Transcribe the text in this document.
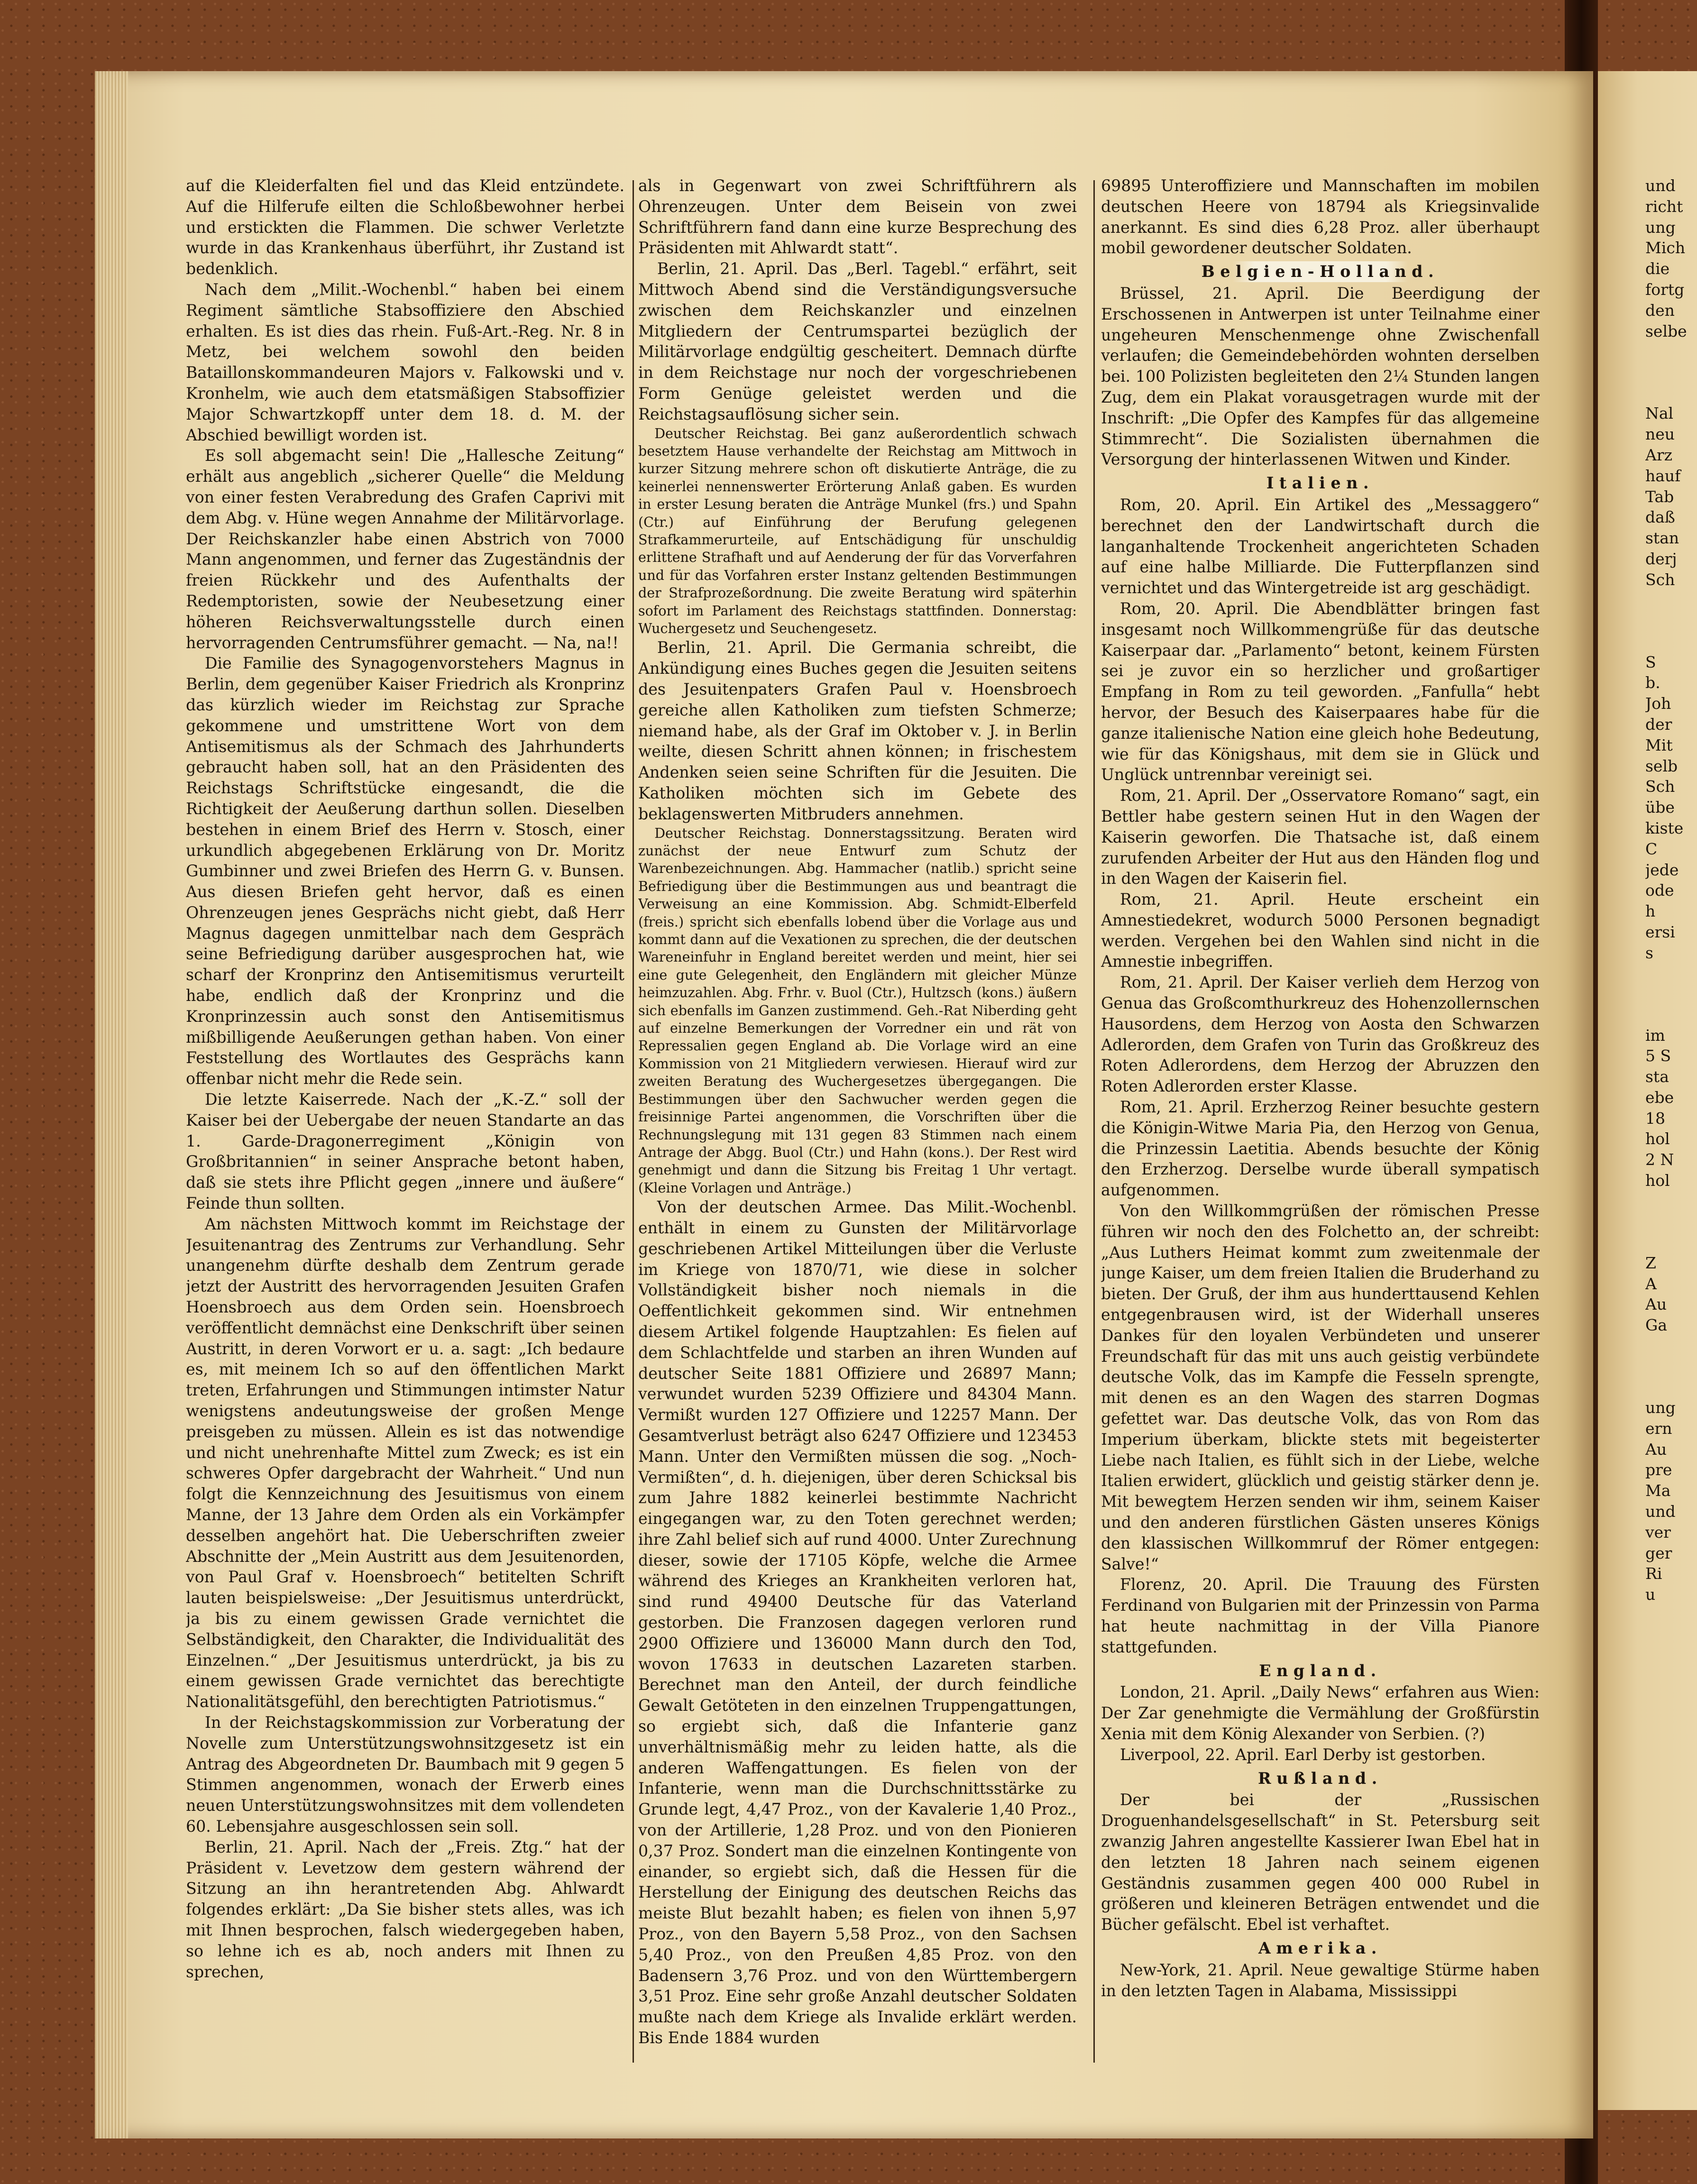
auf die Kleiderfalten fiel und das Kleid entzündete. Auf die Hilferufe eilten die Schloßbewohner herbei und erstickten die Flammen. Die schwer Verletzte wurde in das Krankenhaus überführt, ihr Zustand ist bedenklich.

Nach dem „Milit.-Wochenbl.“ haben bei einem Regiment sämtliche Stabsoffiziere den Abschied erhalten. Es ist dies das rhein. Fuß-Art.-Reg. Nr. 8 in Metz, bei welchem sowohl den beiden Bataillonskommandeuren Majors v. Falkowski und v. Kronhelm, wie auch dem etatsmäßigen Stabsoffizier Major Schwartzkopff unter dem 18. d. M. der Abschied bewilligt worden ist.

Es soll abgemacht sein! Die „Hallesche Zeitung“ erhält aus angeblich „sicherer Quelle“ die Meldung von einer festen Verabredung des Grafen Caprivi mit dem Abg. v. Hüne wegen Annahme der Militärvorlage. Der Reichskanzler habe einen Abstrich von 7000 Mann angenommen, und ferner das Zugeständnis der freien Rückkehr und des Aufenthalts der Redemptoristen, sowie der Neubesetzung einer höheren Reichsverwaltungsstelle durch einen hervorragenden Centrumsführer gemacht. — Na, na!!

Die Familie des Synagogenvorstehers Magnus in Berlin, dem gegenüber Kaiser Friedrich als Kronprinz das kürzlich wieder im Reichstag zur Sprache gekommene und umstrittene Wort von dem Antisemitismus als der Schmach des Jahrhunderts gebraucht haben soll, hat an den Präsidenten des Reichstags Schriftstücke eingesandt, die die Richtigkeit der Aeußerung darthun sollen. Dieselben bestehen in einem Brief des Herrn v. Stosch, einer urkundlich abgegebenen Erklärung von Dr. Moritz Gumbinner und zwei Briefen des Herrn G. v. Bunsen. Aus diesen Briefen geht hervor, daß es einen Ohrenzeugen jenes Gesprächs nicht giebt, daß Herr Magnus dagegen unmittelbar nach dem Gespräch seine Befriedigung darüber ausgesprochen hat, wie scharf der Kronprinz den Antisemitismus verurteilt habe, endlich daß der Kronprinz und die Kronprinzessin auch sonst den Antisemitismus mißbilligende Aeußerungen gethan haben. Von einer Feststellung des Wortlautes des Gesprächs kann offenbar nicht mehr die Rede sein.

Die letzte Kaiserrede. Nach der „K.-Z.“ soll der Kaiser bei der Uebergabe der neuen Standarte an das 1. Garde-Dragonerregiment „Königin von Großbritannien“ in seiner Ansprache betont haben, daß sie stets ihre Pflicht gegen „innere und äußere“ Feinde thun sollten.

Am nächsten Mittwoch kommt im Reichstage der Jesuitenantrag des Zentrums zur Verhandlung. Sehr unangenehm dürfte deshalb dem Zentrum gerade jetzt der Austritt des hervorragenden Jesuiten Grafen Hoensbroech aus dem Orden sein. Hoensbroech veröffentlicht demnächst eine Denkschrift über seinen Austritt, in deren Vorwort er u. a. sagt: „Ich bedaure es, mit meinem Ich so auf den öffentlichen Markt treten, Erfahrungen und Stimmungen intimster Natur wenigstens andeutungsweise der großen Menge preisgeben zu müssen. Allein es ist das notwendige und nicht unehrenhafte Mittel zum Zweck; es ist ein schweres Opfer dargebracht der Wahrheit.“ Und nun folgt die Kennzeichnung des Jesuitismus von einem Manne, der 13 Jahre dem Orden als ein Vorkämpfer desselben angehört hat. Die Ueberschriften zweier Abschnitte der „Mein Austritt aus dem Jesuitenorden, von Paul Graf v. Hoensbroech“ betitelten Schrift lauten beispielsweise: „Der Jesuitismus unterdrückt, ja bis zu einem gewissen Grade vernichtet die Selbständigkeit, den Charakter, die Individualität des Einzelnen.“ „Der Jesuitismus unterdrückt, ja bis zu einem gewissen Grade vernichtet das berechtigte Nationalitätsgefühl, den berechtigten Patriotismus.“

In der Reichstagskommission zur Vorberatung der Novelle zum Unterstützungswohnsitzgesetz ist ein Antrag des Abgeordneten Dr. Baumbach mit 9 gegen 5 Stimmen angenommen, wonach der Erwerb eines neuen Unterstützungswohnsitzes mit dem vollendeten 60. Lebensjahre ausgeschlossen sein soll.

Berlin, 21. April. Nach der „Freis. Ztg.“ hat der Präsident v. Levetzow dem gestern während der Sitzung an ihn herantretenden Abg. Ahlwardt folgendes erklärt: „Da Sie bisher stets alles, was ich mit Ihnen besprochen, falsch wiedergegeben haben, so lehne ich es ab, noch anders mit Ihnen zu sprechen,

als in Gegenwart von zwei Schriftführern als Ohrenzeugen. Unter dem Beisein von zwei Schriftführern fand dann eine kurze Besprechung des Präsidenten mit Ahlwardt statt“.

Berlin, 21. April. Das „Berl. Tagebl.“ erfährt, seit Mittwoch Abend sind die Verständigungsversuche zwischen dem Reichskanzler und einzelnen Mitgliedern der Centrumspartei bezüglich der Militärvorlage endgültig gescheitert. Demnach dürfte in dem Reichstage nur noch der vorgeschriebenen Form Genüge geleistet werden und die Reichstagsauflösung sicher sein.

Deutscher Reichstag. Bei ganz außerordentlich schwach besetztem Hause verhandelte der Reichstag am Mittwoch in kurzer Sitzung mehrere schon oft diskutierte Anträge, die zu keinerlei nennenswerter Erörterung Anlaß gaben. Es wurden in erster Lesung beraten die Anträge Munkel (frs.) und Spahn (Ctr.) auf Einführung der Berufung gelegenen Strafkammerurteile, auf Entschädigung für unschuldig erlittene Strafhaft und auf Aenderung der für das Vorverfahren und für das Vorfahren erster Instanz geltenden Bestimmungen der Strafprozeßordnung. Die zweite Beratung wird späterhin sofort im Parlament des Reichstags stattfinden. Donnerstag: Wuchergesetz und Seuchengesetz.

Berlin, 21. April. Die Germania schreibt, die Ankündigung eines Buches gegen die Jesuiten seitens des Jesuitenpaters Grafen Paul v. Hoensbroech gereiche allen Katholiken zum tiefsten Schmerze; niemand habe, als der Graf im Oktober v. J. in Berlin weilte, diesen Schritt ahnen können; in frischestem Andenken seien seine Schriften für die Jesuiten. Die Katholiken möchten sich im Gebete des beklagenswerten Mitbruders annehmen.

Deutscher Reichstag. Donnerstagssitzung. Beraten wird zunächst der neue Entwurf zum Schutz der Warenbezeichnungen. Abg. Hammacher (natlib.) spricht seine Befriedigung über die Bestimmungen aus und beantragt die Verweisung an eine Kommission. Abg. Schmidt-Elberfeld (freis.) spricht sich ebenfalls lobend über die Vorlage aus und kommt dann auf die Vexationen zu sprechen, die der deutschen Wareneinfuhr in England bereitet werden und meint, hier sei eine gute Gelegenheit, den Engländern mit gleicher Münze heimzuzahlen. Abg. Frhr. v. Buol (Ctr.), Hultzsch (kons.) äußern sich ebenfalls im Ganzen zustimmend. Geh.-Rat Niberding geht auf einzelne Bemerkungen der Vorredner ein und rät von Repressalien gegen England ab. Die Vorlage wird an eine Kommission von 21 Mitgliedern verwiesen. Hierauf wird zur zweiten Beratung des Wuchergesetzes übergegangen. Die Bestimmungen über den Sachwucher werden gegen die freisinnige Partei angenommen, die Vorschriften über die Rechnungslegung mit 131 gegen 83 Stimmen nach einem Antrage der Abgg. Buol (Ctr.) und Hahn (kons.). Der Rest wird genehmigt und dann die Sitzung bis Freitag 1 Uhr vertagt. (Kleine Vorlagen und Anträge.)

Von der deutschen Armee. Das Milit.-Wochenbl. enthält in einem zu Gunsten der Militärvorlage geschriebenen Artikel Mitteilungen über die Verluste im Kriege von 1870/71, wie diese in solcher Vollständigkeit bisher noch niemals in die Oeffentlichkeit gekommen sind. Wir entnehmen diesem Artikel folgende Hauptzahlen: Es fielen auf dem Schlachtfelde und starben an ihren Wunden auf deutscher Seite 1881 Offiziere und 26897 Mann; verwundet wurden 5239 Offiziere und 84304 Mann. Vermißt wurden 127 Offiziere und 12257 Mann. Der Gesamtverlust beträgt also 6247 Offiziere und 123453 Mann. Unter den Vermißten müssen die sog. „Noch-Vermißten“, d. h. diejenigen, über deren Schicksal bis zum Jahre 1882 keinerlei bestimmte Nachricht eingegangen war, zu den Toten gerechnet werden; ihre Zahl belief sich auf rund 4000. Unter Zurechnung dieser, sowie der 17105 Köpfe, welche die Armee während des Krieges an Krankheiten verloren hat, sind rund 49400 Deutsche für das Vaterland gestorben. Die Franzosen dagegen verloren rund 2900 Offiziere und 136000 Mann durch den Tod, wovon 17633 in deutschen Lazareten starben. Berechnet man den Anteil, der durch feindliche Gewalt Getöteten in den einzelnen Truppengattungen, so ergiebt sich, daß die Infanterie ganz unverhältnismäßig mehr zu leiden hatte, als die anderen Waffengattungen. Es fielen von der Infanterie, wenn man die Durchschnittsstärke zu Grunde legt, 4,47 Proz., von der Kavalerie 1,40 Proz., von der Artillerie, 1,28 Proz. und von den Pionieren 0,37 Proz. Sondert man die einzelnen Kontingente von einander, so ergiebt sich, daß die Hessen für die Herstellung der Einigung des deutschen Reichs das meiste Blut bezahlt haben; es fielen von ihnen 5,97 Proz., von den Bayern 5,58 Proz., von den Sachsen 5,40 Proz., von den Preußen 4,85 Proz. von den Badensern 3,76 Proz. und von den Württembergern 3,51 Proz. Eine sehr große Anzahl deutscher Soldaten mußte nach dem Kriege als Invalide erklärt werden. Bis Ende 1884 wurden

69895 Unteroffiziere und Mannschaften im mobilen deutschen Heere von 18794 als Kriegsinvalide anerkannt. Es sind dies 6,28 Proz. aller überhaupt mobil gewordener deutscher Soldaten.

Belgien-Holland.

Brüssel, 21. April. Die Beerdigung der Erschossenen in Antwerpen ist unter Teilnahme einer ungeheuren Menschenmenge ohne Zwischenfall verlaufen; die Gemeindebehörden wohnten derselben bei. 100 Polizisten begleiteten den 2¼ Stunden langen Zug, dem ein Plakat vorausgetragen wurde mit der Inschrift: „Die Opfer des Kampfes für das allgemeine Stimmrecht“. Die Sozialisten übernahmen die Versorgung der hinterlassenen Witwen und Kinder.

Italien.

Rom, 20. April. Ein Artikel des „Messaggero“ berechnet den der Landwirtschaft durch die langanhaltende Trockenheit angerichteten Schaden auf eine halbe Milliarde. Die Futterpflanzen sind vernichtet und das Wintergetreide ist arg geschädigt.

Rom, 20. April. Die Abendblätter bringen fast insgesamt noch Willkommengrüße für das deutsche Kaiserpaar dar. „Parlamento“ betont, keinem Fürsten sei je zuvor ein so herzlicher und großartiger Empfang in Rom zu teil geworden. „Fanfulla“ hebt hervor, der Besuch des Kaiserpaares habe für die ganze italienische Nation eine gleich hohe Bedeutung, wie für das Königshaus, mit dem sie in Glück und Unglück untrennbar vereinigt sei.

Rom, 21. April. Der „Osservatore Romano“ sagt, ein Bettler habe gestern seinen Hut in den Wagen der Kaiserin geworfen. Die Thatsache ist, daß einem zurufenden Arbeiter der Hut aus den Händen flog und in den Wagen der Kaiserin fiel.

Rom, 21. April. Heute erscheint ein Amnestiedekret, wodurch 5000 Personen begnadigt werden. Vergehen bei den Wahlen sind nicht in die Amnestie inbegriffen.

Rom, 21. April. Der Kaiser verlieh dem Herzog von Genua das Großcomthurkreuz des Hohenzollernschen Hausordens, dem Herzog von Aosta den Schwarzen Adlerorden, dem Grafen von Turin das Großkreuz des Roten Adlerordens, dem Herzog der Abruzzen den Roten Adlerorden erster Klasse.

Rom, 21. April. Erzherzog Reiner besuchte gestern die Königin-Witwe Maria Pia, den Herzog von Genua, die Prinzessin Laetitia. Abends besuchte der König den Erzherzog. Derselbe wurde überall sympatisch aufgenommen.

Von den Willkommgrüßen der römischen Presse führen wir noch den des Folchetto an, der schreibt: „Aus Luthers Heimat kommt zum zweitenmale der junge Kaiser, um dem freien Italien die Bruderhand zu bieten. Der Gruß, der ihm aus hunderttausend Kehlen entgegenbrausen wird, ist der Widerhall unseres Dankes für den loyalen Verbündeten und unserer Freundschaft für das mit uns auch geistig verbündete deutsche Volk, das im Kampfe die Fesseln sprengte, mit denen es an den Wagen des starren Dogmas gefettet war. Das deutsche Volk, das von Rom das Imperium überkam, blickte stets mit begeisterter Liebe nach Italien, es fühlt sich in der Liebe, welche Italien erwidert, glücklich und geistig stärker denn je. Mit bewegtem Herzen senden wir ihm, seinem Kaiser und den anderen fürstlichen Gästen unseres Königs den klassischen Willkommruf der Römer entgegen: Salve!“

Florenz, 20. April. Die Trauung des Fürsten Ferdinand von Bulgarien mit der Prinzessin von Parma hat heute nachmittag in der Villa Pianore stattgefunden.

England.

London, 21. April. „Daily News“ erfahren aus Wien: Der Zar genehmigte die Vermählung der Großfürstin Xenia mit dem König Alexander von Serbien. (?)

Liverpool, 22. April. Earl Derby ist gestorben.

Rußland.

Der bei der „Russischen Droguenhandelsgesellschaft“ in St. Petersburg seit zwanzig Jahren angestellte Kassierer Iwan Ebel hat in den letzten 18 Jahren nach seinem eigenen Geständnis zusammen gegen 400 000 Rubel in größeren und kleineren Beträgen entwendet und die Bücher gefälscht. Ebel ist verhaftet.

Amerika.

New-York, 21. April. Neue gewaltige Stürme haben in den letzten Tagen in Alabama, Mississippi

und
richt
ung
Mich
die
fortg
den
selbe
Nal
neu
Arz
hauf
Tab
daß
stan
derj
Sch
S
b.
Joh
der
Mit
selb
Sch
übe
kiste
C
jede
ode
h
ersi
s
im
5 S
sta
ebe
18
hol
2 N
hol
Z
A
Au
Ga
ung
ern
Au
pre
Ma
und
ver
ger
Ri
u
